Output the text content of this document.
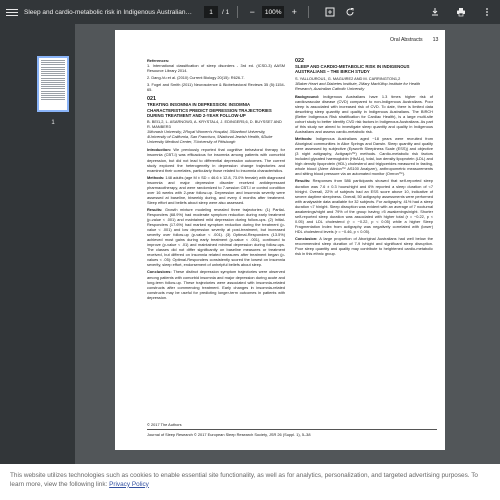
Sleep and cardio-metabolic risk in Indigenous Australians...	1	/ 1	−	100%	+
1
Oral Abstracts 13
References:
1. International classification of sleep disorders - 3rd ed. (ICSD-3) AASM Resource Library 2014.
2. Dang-Vu et al. (2010) Current Biology 20(15): R626-7.
3. Fogel and Smith (2011) Neuroscience & Biobehavioral Reviews 35 (5):1154-65.
021
TREATING INSOMNIA IN DEPRESSION: INSOMNIA CHARACTERISTICS PREDICT DEPRESSION TRAJECTORIES DURING TREATMENT AND 2-YEAR FOLLOW-UP
B. BEI1,2, L. ASARNOW3, A. KRYSTAL4, J. EDINGER5,6, D. BUYSSE7 AND R. MANBER3
1Monash University, 2Royal Women's Hospital, 3Stanford University, 4University of California, San Francisco, 5National Jewish Health, 6Duke University Medical Center, 7University of Pittsburgh
Introduction: We previously reported that cognitive behavioral therapy for insomnia (CBT-I) was efficacious for insomnia among patients with comorbid depression, but did not lead to differential depression outcomes. The current study explored the heterogeneity in depression change trajectories and examined their correlates, particularly those related to insomnia characteristics.
Methods: 148 adults (age M ± SD = 46.6 ± 12.8, 73.0% female) with diagnosed insomnia and major depressive disorder received antidepressant pharmacotherapy, and were randomized to 7-session CBT-I or control condition over 16 weeks with 2-year follow-up. Depression and insomnia severity were assessed at baseline, biweekly during, and every 4 months after treatment. Sleep effort and beliefs about sleep were also assessed.
Results: Growth mixture modeling revealed three trajectories: (1) Partial-Responders (68.9%) had moderate symptom reduction during early treatment (p-value < .001) and maintained mild depression during follow-ups. (2) Initial-Responders (17.6%) had marked symptom reduction during the treatment (p-value < .001) and low depression severity at post-treatment, but increased severity over follow-up (p-value < .001). (3) Optimal-Responders (13.5%) achieved most gains during early treatment (p-value < .001), continued to improve (p-value < .01) and maintained minimal depression during follow-ups. The classes did not differ significantly on baseline measures or treatment received, but differed on insomnia related measures after treatment began (p-values < .05): Optimal-Responders consistently scored the lowest on insomnia severity, sleep effort, endorsement of unhelpful beliefs about sleep.
Conclusions: These distinct depression symptom trajectories were observed among patients with comorbid insomnia and major depression during acute and long-term follow-up. These trajectories were associated with insomnia-related constructs after commencing treatment. Early changes in insomnia-related constructs may be useful for predicting longer-term outcomes in patients with depression.
022
SLEEP AND CARDIO-METABOLIC RISK IN INDIGENOUS AUSTRALIANS – THE BIRCH STUDY
S. YALLOUROU1, G. MAGUIRE2 AND M. CARRINGTON1,2
1Baker Heart and Diabetes Institute, 2Mary MacKillop Institute for Health Research, Australian Catholic University
Background: Indigenous Australians have 1.3 times higher risk of cardiovascular disease (CVD) compared to non-Indigenous Australians. Poor sleep is associated with increased risk of CVD. To date, there is limited data describing sleep quantity and quality in Indigenous Australians. The BIRCH (Better Indigenous Risk stratification for Cardiac Health), is a large multi-site cohort study to better identify CVD risk factors in Indigenous Australians. As part of this study we aimed to investigate sleep quantity and quality in Indigenous Australians and assess cardio-metabolic risk.
Methods: Indigenous Australians aged ~18 years were recruited from Aboriginal communities in Alice Springs and Darwin. Sleep quantity and quality were assessed by subjective (Epworth Sleepiness Scale (ESS)) and objective (3 night actigraphy, Actigraph™) methods. Cardio-metabolic risk factors included glycated haemoglobin (HbA1c), total, low density lipoprotein (LDL) and high density lipoprotein (HDL) cholesterol and triglycerides measured in fasting, whole blood (Alere Afinion™ AS100 Analyzer), anthropometric measurements and sitting blood pressure via an automated monitor (Omron™).
Results: Responses from 586 participants showed that self-reported sleep duration was 7.6 ± 0.3 hours/night and 6% reported a sleep duration of <7 h/night. Overall, 22% of subjects had an ESS score above 10, indicative of severe daytime sleepiness. Overall, 50 actigraphy assessments were performed with analysable data available for 32 subjects. For actigraphy, 41% had a sleep duration <7 h/night. Sleep disruption was evident with an average of 7 nocturnal awakenings/night and 79% of the group having >5 awakenings/night. Shorter self-reported sleep duration was associated with higher total (r = −0.22, p < 0.05) and LDL cholesterol (r = −0.22, p < 0.05) while a higher Sleep Fragmentation Index from actigraphy was negatively correlated with (lower) HDL cholesterol levels (r = −0.46, p < 0.05).
Conclusion: A large proportion of Aboriginal Australians had well below the recommended sleep duration of 7-9 h/night and significant sleep disruption. Poor sleep quantity and quality may contribute to heightened cardio-metabolic risk in this ethnic group.
© 2017 The Authors
Journal of Sleep Research © 2017 European Sleep Research Society, JSR 26 (Suppl. 1), 5–38
This website utilizes technologies such as cookies to enable essential site functionality, as well as for analytics, personalization, and targeted advertising purposes. To learn more, view the following link: Privacy Policy
